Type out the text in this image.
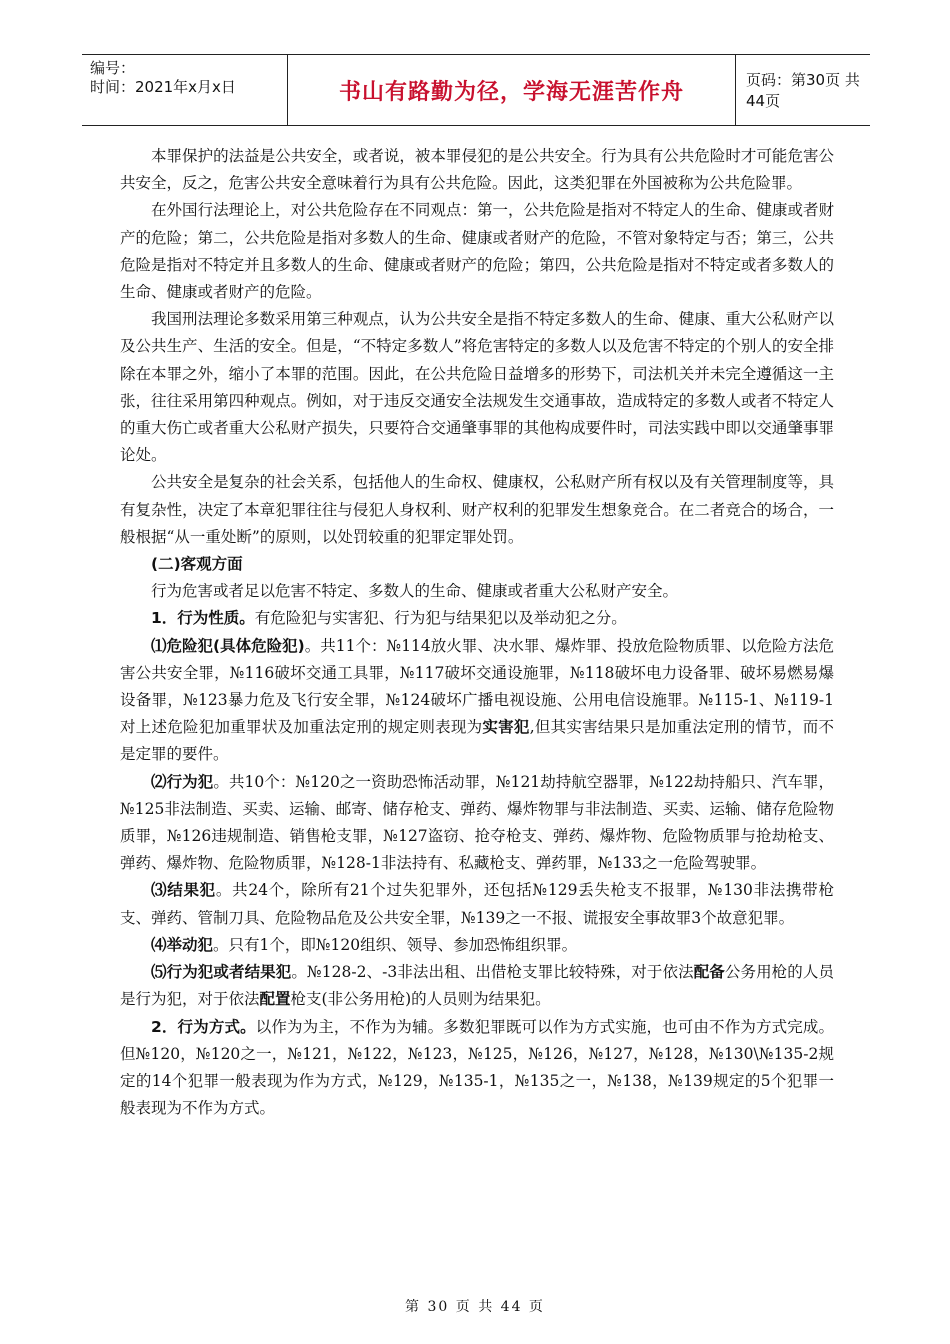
编号：
时间：2021年x月x日	书山有路勤为径，学海无涯苦作舟	页码：第30页 共44页

本罪保护的法益是公共安全，或者说，被本罪侵犯的是公共安全。行为具有公共危险时才可能危害公共安全，反之，危害公共安全意味着行为具有公共危险。因此，这类犯罪在外国被称为公共危险罪。

在外国行法理论上，对公共危险存在不同观点：第一，公共危险是指对不特定人的生命、健康或者财产的危险；第二，公共危险是指对多数人的生命、健康或者财产的危险，不管对象特定与否；第三，公共危险是指对不特定并且多数人的生命、健康或者财产的危险；第四，公共危险是指对不特定或者多数人的生命、健康或者财产的危险。

我国刑法理论多数采用第三种观点，认为公共安全是指不特定多数人的生命、健康、重大公私财产以及公共生产、生活的安全。但是，“不特定多数人”将危害特定的多数人以及危害不特定的个别人的安全排除在本罪之外，缩小了本罪的范围。因此，在公共危险日益增多的形势下，司法机关并未完全遵循这一主张，往往采用第四种观点。例如，对于违反交通安全法规发生交通事故，造成特定的多数人或者不特定人的重大伤亡或者重大公私财产损失，只要符合交通肇事罪的其他构成要件时，司法实践中即以交通肇事罪论处。

公共安全是复杂的社会关系，包括他人的生命权、健康权，公私财产所有权以及有关管理制度等，具有复杂性，决定了本章犯罪往往与侵犯人身权利、财产权利的犯罪发生想象竞合。在二者竞合的场合，一般根据“从一重处断”的原则，以处罚较重的犯罪定罪处罚。

(二)客观方面

行为危害或者足以危害不特定、多数人的生命、健康或者重大公私财产安全。

1．行为性质。有危险犯与实害犯、行为犯与结果犯以及举动犯之分。

⑴危险犯(具体危险犯)。共11个：№114放火罪、决水罪、爆炸罪、投放危险物质罪、以危险方法危害公共安全罪，№116破坏交通工具罪，№117破坏交通设施罪，№118破坏电力设备罪、破坏易燃易爆设备罪，№123暴力危及飞行安全罪，№124破坏广播电视设施、公用电信设施罪。№115-1、№119-1对上述危险犯加重罪状及加重法定刑的规定则表现为实害犯,但其实害结果只是加重法定刑的情节，而不是定罪的要件。

⑵行为犯。共10个：№120之一资助恐怖活动罪，№121劫持航空器罪，№122劫持船只、汽车罪，№125非法制造、买卖、运输、邮寄、储存枪支、弹药、爆炸物罪与非法制造、买卖、运输、储存危险物质罪，№126违规制造、销售枪支罪，№127盗窃、抢夺枪支、弹药、爆炸物、危险物质罪与抢劫枪支、弹药、爆炸物、危险物质罪，№128-1非法持有、私藏枪支、弹药罪，№133之一危险驾驶罪。

⑶结果犯。共24个，除所有21个过失犯罪外，还包括№129丢失枪支不报罪，№130非法携带枪支、弹药、管制刀具、危险物品危及公共安全罪，№139之一不报、谎报安全事故罪3个故意犯罪。

⑷举动犯。只有1个，即№120组织、领导、参加恐怖组织罪。

⑸行为犯或者结果犯。№128-2、-3非法出租、出借枪支罪比较特殊，对于依法配备公务用枪的人员是行为犯，对于依法配置枪支(非公务用枪)的人员则为结果犯。

2．行为方式。以作为为主，不作为为辅。多数犯罪既可以作为方式实施，也可由不作为方式完成。但№120，№120之一，№121，№122，№123，№125，№126，№127，№128，№130\№135-2规定的14个犯罪一般表现为作为方式，№129，№135-1，№135之一，№138，№139规定的5个犯罪一般表现为不作为方式。

第 30 页 共 44 页
